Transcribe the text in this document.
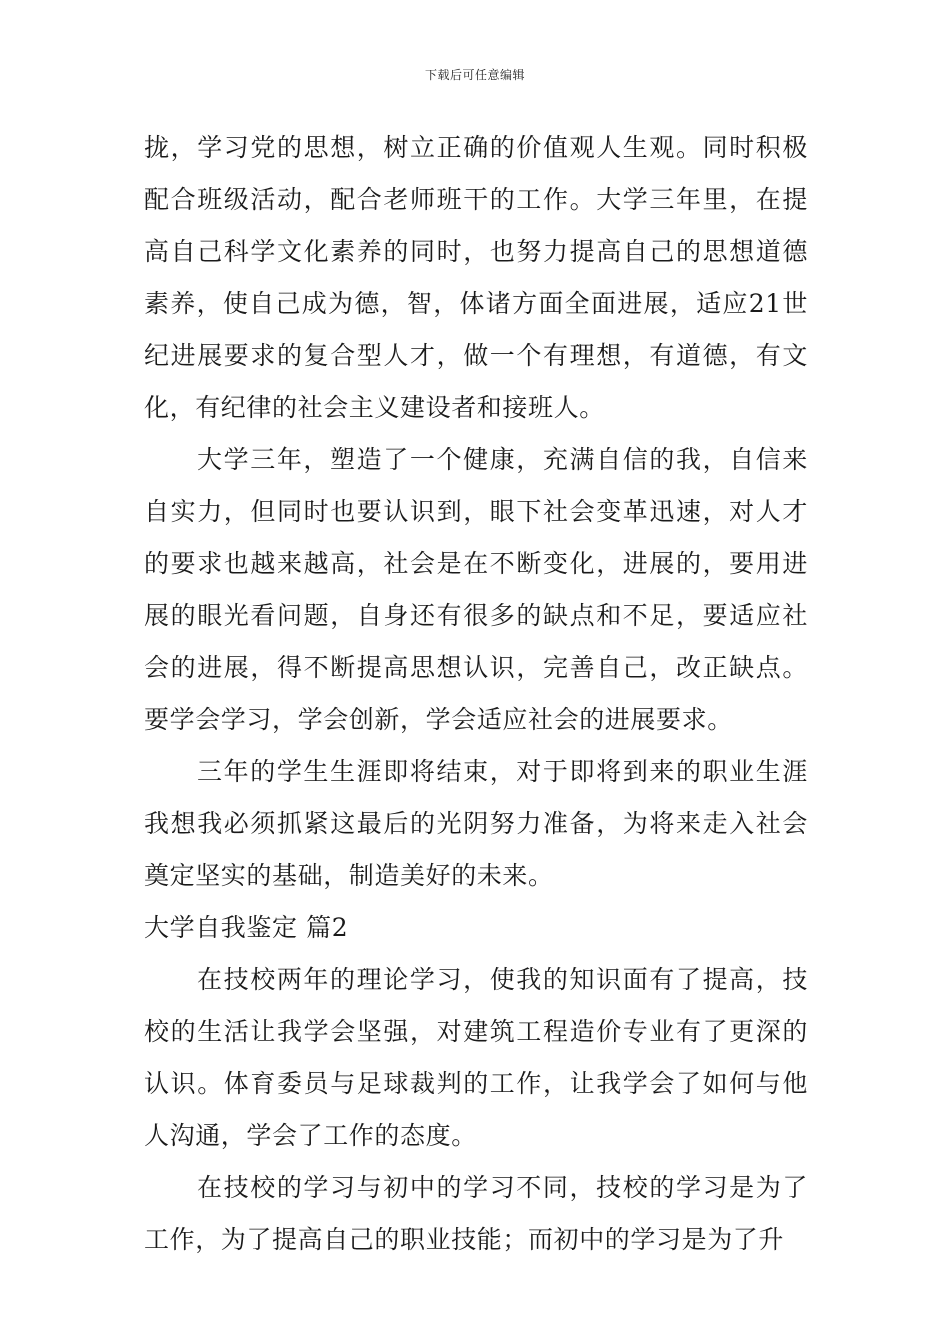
下载后可任意编辑

拢，学习党的思想，树立正确的价值观人生观。同时积极配合班级活动，配合老师班干的工作。大学三年里，在提高自己科学文化素养的同时，也努力提高自己的思想道德素养，使自己成为德，智，体诸方面全面进展，适应21世纪进展要求的复合型人才，做一个有理想，有道德，有文化，有纪律的社会主义建设者和接班人。

大学三年，塑造了一个健康，充满自信的我，自信来自实力，但同时也要认识到，眼下社会变革迅速，对人才的要求也越来越高，社会是在不断变化，进展的，要用进展的眼光看问题，自身还有很多的缺点和不足，要适应社会的进展，得不断提高思想认识，完善自己，改正缺点。要学会学习，学会创新，学会适应社会的进展要求。

三年的学生生涯即将结束，对于即将到来的职业生涯我想我必须抓紧这最后的光阴努力准备，为将来走入社会奠定坚实的基础，制造美好的未来。

大学自我鉴定 篇2

在技校两年的理论学习，使我的知识面有了提高，技校的生活让我学会坚强，对建筑工程造价专业有了更深的认识。体育委员与足球裁判的工作，让我学会了如何与他人沟通，学会了工作的态度。

在技校的学习与初中的学习不同，技校的学习是为了工作，为了提高自己的职业技能；而初中的学习是为了升
